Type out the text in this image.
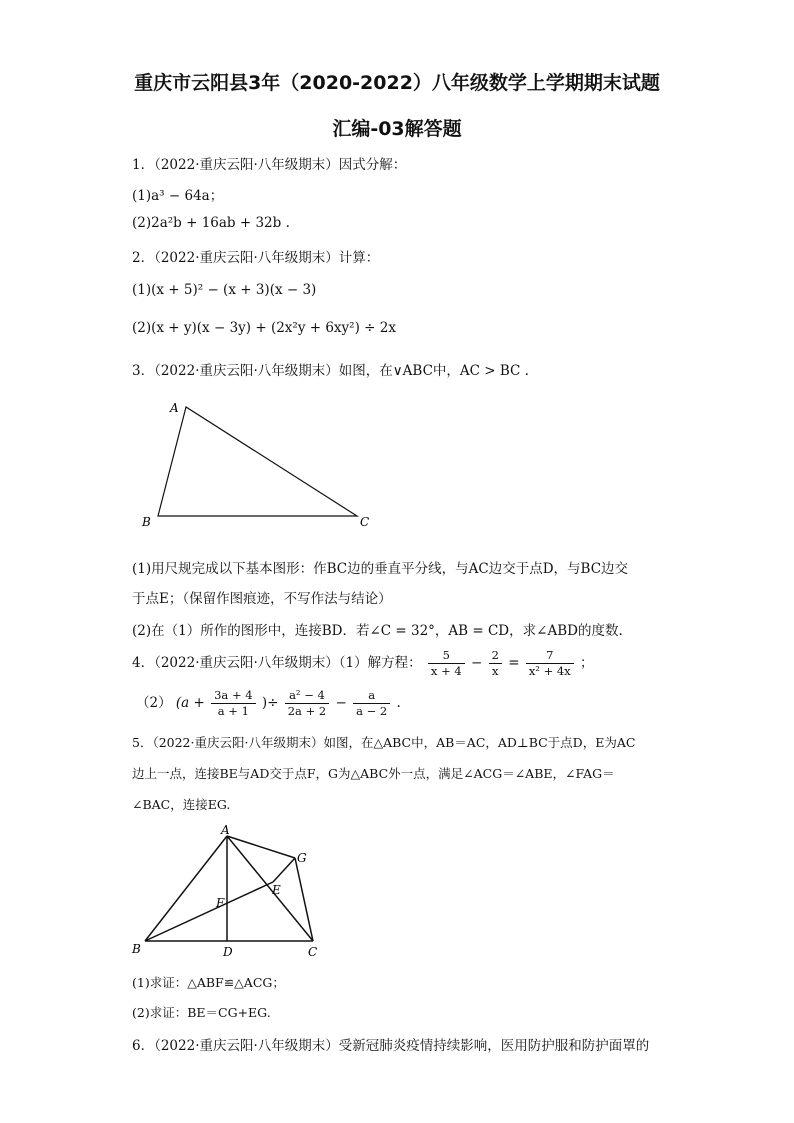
重庆市云阳县3年（2020-2022）八年级数学上学期期末试题
汇编-03解答题
1．（2022·重庆云阳·八年级期末）因式分解：
(1)a³ − 64a；
(2)2a²b + 16ab + 32b .
2．（2022·重庆云阳·八年级期末）计算：
(1)(x + 5)² − (x + 3)(x − 3)
(2)(x + y)(x − 3y) + (2x²y + 6xy²) ÷ 2x
3．（2022·重庆云阳·八年级期末）如图，在∨ABC中，AC > BC .
A
B	C
(1)用尺规完成以下基本图形：作BC边的垂直平分线，与AC边交于点D，与BC边交
于点E；（保留作图痕迹，不写作法与结论）
(2)在（1）所作的图形中，连接BD．若∠C = 32°，AB = CD，求∠ABD的度数.
4．（2022·重庆云阳·八年级期末）（1）解方程： $\frac{5}{x + 4} - \frac{2}{x} = \frac{7}{\text{x² + 4x}}$ ；
（2） ($a + \frac{3a + 4}{a + 1}$ )÷ $\frac{\text{a² − 4}}{2a + 2} - \frac{a}{a - 2}$ .
5．（2022·重庆云阳·八年级期末）如图，在△ABC中，AB＝AC，AD⊥BC于点D，E为AC
边上一点，连接BE与AD交于点F，G为△ABC外一点，满足∠ACG＝∠ABE，∠FAG＝
∠BAC，连接EG.
A
B	C
D
E
F
G
(1)求证：△ABF≌△ACG；
(2)求证：BE＝CG+EG.
6．（2022·重庆云阳·八年级期末）受新冠肺炎疫情持续影响，医用防护服和防护面罩的
